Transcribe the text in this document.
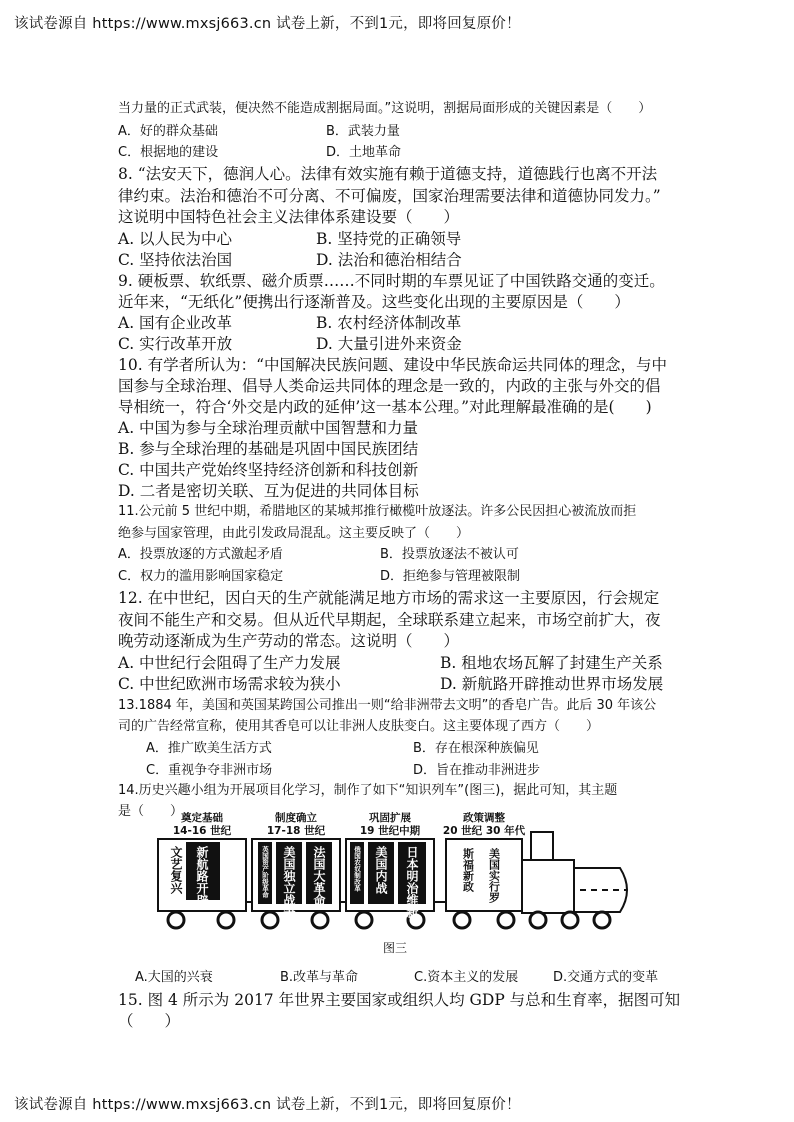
该试卷源自 https://www.mxsj663.cn 试卷上新，不到1元，即将回复原价！
当力量的正式武装，便决然不能造成割据局面。”这说明，割据局面形成的关键因素是（　　）
A．好的群众基础	B．武装力量
C．根据地的建设	D．土地革命
8. “法安天下，德润人心。法律有效实施有赖于道德支持，道德践行也离不开法
律约束。法治和德治不可分离、不可偏废，国家治理需要法律和道德协同发力。”
这说明中国特色社会主义法律体系建设要（　　）
A. 以人民为中心	B. 坚持党的正确领导
C. 坚持依法治国	D. 法治和德治相结合
9. 硬板票、软纸票、磁介质票……不同时期的车票见证了中国铁路交通的变迁。
近年来，“无纸化”便携出行逐渐普及。这些变化出现的主要原因是（　　）
A. 国有企业改革	B. 农村经济体制改革
C. 实行改革开放	D. 大量引进外来资金
10. 有学者所认为：“中国解决民族问题、建设中华民族命运共同体的理念，与中
国参与全球治理、倡导人类命运共同体的理念是一致的，内政的主张与外交的倡
导相统一，符合‘外交是内政的延伸’这一基本公理。”对此理解最准确的是(　　)
A. 中国为参与全球治理贡献中国智慧和力量
B. 参与全球治理的基础是巩固中国民族团结
C. 中国共产党始终坚持经济创新和科技创新
D. 二者是密切关联、互为促进的共同体目标
11.公元前 5 世纪中期，希腊地区的某城邦推行橄榄叶放逐法。许多公民因担心被流放而拒
绝参与国家管理，由此引发政局混乱。这主要反映了（　　）
A．投票放逐的方式激起矛盾	B．投票放逐法不被认可
C．权力的滥用影响国家稳定	D．拒绝参与管理被限制
12. 在中世纪，因白天的生产就能满足地方市场的需求这一主要原因，行会规定
夜间不能生产和交易。但从近代早期起，全球联系建立起来，市场空前扩大，夜
晚劳动逐渐成为生产劳动的常态。这说明（　　）
A. 中世纪行会阻碍了生产力发展	B. 租地农场瓦解了封建生产关系
C. 中世纪欧洲市场需求较为狭小	D. 新航路开辟推动世界市场发展
13.1884 年，美国和英国某跨国公司推出一则“给非洲带去文明”的香皂广告。此后 30 年该公
司的广告经常宣称，使用其香皂可以让非洲人皮肤变白。这主要体现了西方（　　）
A．推广欧美生活方式	B．存在根深种族偏见
C．重视争夺非洲市场	D．旨在推动非洲进步
14.历史兴趣小组为开展项目化学习，制作了如下“知识列车”(图三)，据此可知，其主题
是（　　）
奠定基础
14-16 世纪
制度确立
17-18 世纪
巩固扩展
19 世纪中期
政策调整
20 世纪 30 年代
文艺复兴 新航路开辟	英国资产阶级革命 美国独立战争 法国大革命	俄国农奴制改革 美国内战 日本明治维新	斯福新政 美国实行罗
图三
A.大国的兴衰	B.改革与革命	C.资本主义的发展	D.交通方式的变革
15. 图 4 所示为 2017 年世界主要国家或组织人均 GDP 与总和生育率，据图可知
（　　）
该试卷源自 https://www.mxsj663.cn 试卷上新，不到1元，即将回复原价！
